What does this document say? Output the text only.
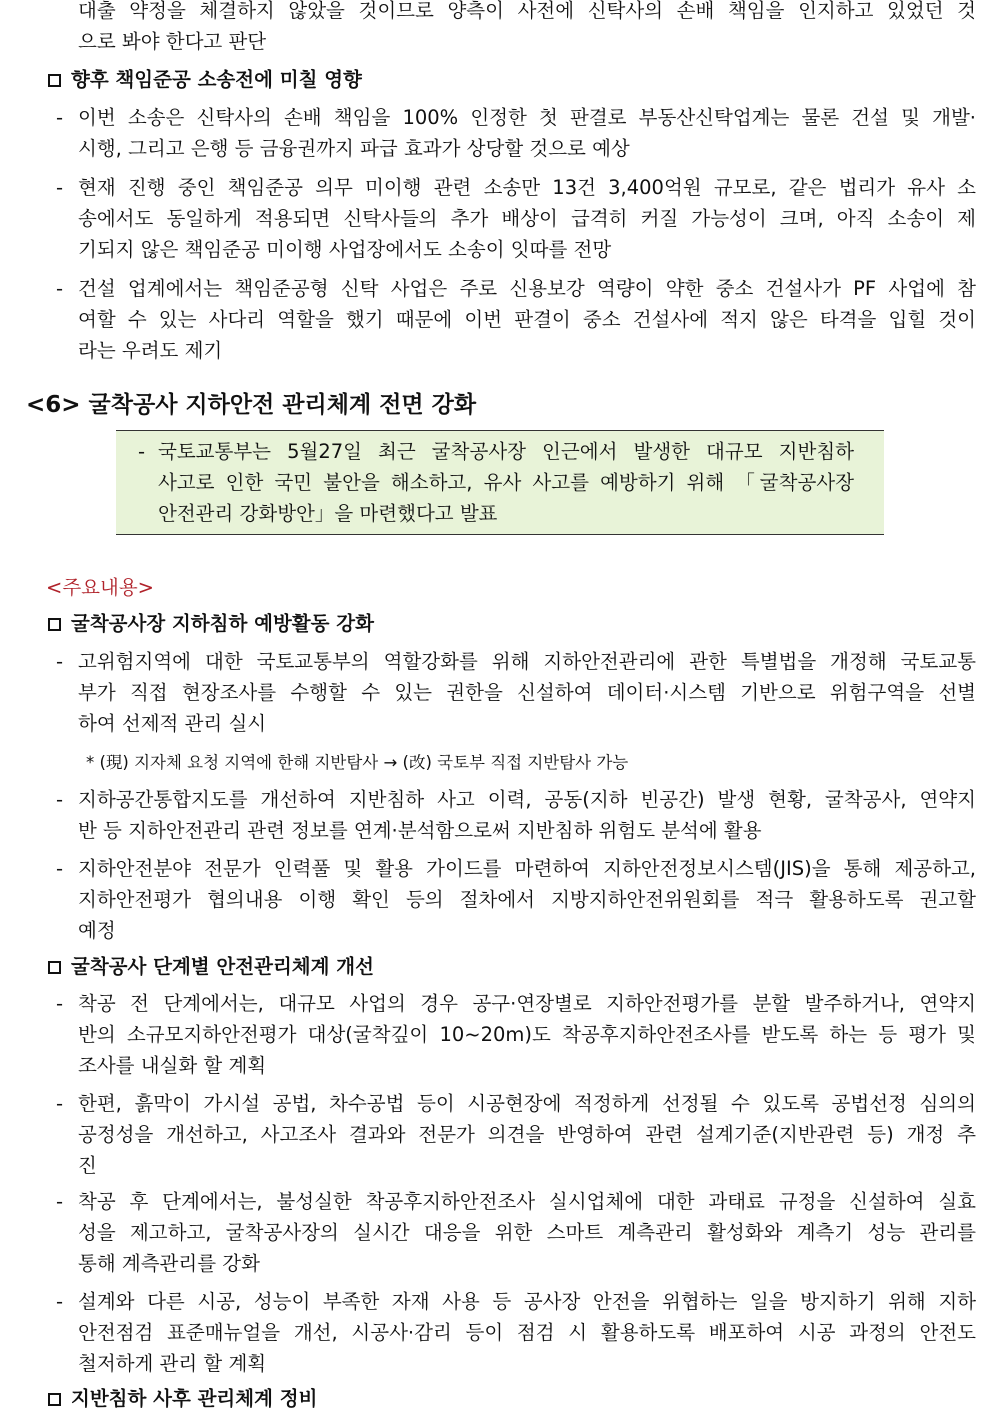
대출 약정을 체결하지 않았을 것이므로 양측이 사전에 신탁사의 손배 책임을 인지하고 있었던 것
으로 봐야 한다고 판단
향후 책임준공 소송전에 미칠 영향
- 이번 소송은 신탁사의 손배 책임을 100% 인정한 첫 판결로 부동산신탁업계는 물론 건설 및 개발·
시행, 그리고 은행 등 금융권까지 파급 효과가 상당할 것으로 예상
- 현재 진행 중인 책임준공 의무 미이행 관련 소송만 13건 3,400억원 규모로, 같은 법리가 유사 소
송에서도 동일하게 적용되면 신탁사들의 추가 배상이 급격히 커질 가능성이 크며, 아직 소송이 제
기되지 않은 책임준공 미이행 사업장에서도 소송이 잇따를 전망
- 건설 업계에서는 책임준공형 신탁 사업은 주로 신용보강 역량이 약한 중소 건설사가 PF 사업에 참
여할 수 있는 사다리 역할을 했기 때문에 이번 판결이 중소 건설사에 적지 않은 타격을 입힐 것이
라는 우려도 제기
<6> 굴착공사 지하안전 관리체계 전면 강화
- 국토교통부는 5월27일 최근 굴착공사장 인근에서 발생한 대규모 지반침하
사고로 인한 국민 불안을 해소하고, 유사 사고를 예방하기 위해 「굴착공사장
안전관리 강화방안」을 마련했다고 발표
<주요내용>
굴착공사장 지하침하 예방활동 강화
- 고위험지역에 대한 국토교통부의 역할강화를 위해 지하안전관리에 관한 특별법을 개정해 국토교통
부가 직접 현장조사를 수행할 수 있는 권한을 신설하여 데이터·시스템 기반으로 위험구역을 선별
하여 선제적 관리 실시
* (現) 지자체 요청 지역에 한해 지반탐사 → (改) 국토부 직접 지반탐사 가능
- 지하공간통합지도를 개선하여 지반침하 사고 이력, 공동(지하 빈공간) 발생 현황, 굴착공사, 연약지
반 등 지하안전관리 관련 정보를 연계·분석함으로써 지반침하 위험도 분석에 활용
- 지하안전분야 전문가 인력풀 및 활용 가이드를 마련하여 지하안전정보시스템(JIS)을 통해 제공하고,
지하안전평가 협의내용 이행 확인 등의 절차에서 지방지하안전위원회를 적극 활용하도록 권고할
예정
굴착공사 단계별 안전관리체계 개선
- 착공 전 단계에서는, 대규모 사업의 경우 공구·연장별로 지하안전평가를 분할 발주하거나, 연약지
반의 소규모지하안전평가 대상(굴착깊이 10~20m)도 착공후지하안전조사를 받도록 하는 등 평가 및
조사를 내실화 할 계획
- 한편, 흙막이 가시설 공법, 차수공법 등이 시공현장에 적정하게 선정될 수 있도록 공법선정 심의의
공정성을 개선하고, 사고조사 결과와 전문가 의견을 반영하여 관련 설계기준(지반관련 등) 개정 추
진
- 착공 후 단계에서는, 불성실한 착공후지하안전조사 실시업체에 대한 과태료 규정을 신설하여 실효
성을 제고하고, 굴착공사장의 실시간 대응을 위한 스마트 계측관리 활성화와 계측기 성능 관리를
통해 계측관리를 강화
- 설계와 다른 시공, 성능이 부족한 자재 사용 등 공사장 안전을 위협하는 일을 방지하기 위해 지하
안전점검 표준매뉴얼을 개선, 시공사·감리 등이 점검 시 활용하도록 배포하여 시공 과정의 안전도
철저하게 관리 할 계획
지반침하 사후 관리체계 정비
